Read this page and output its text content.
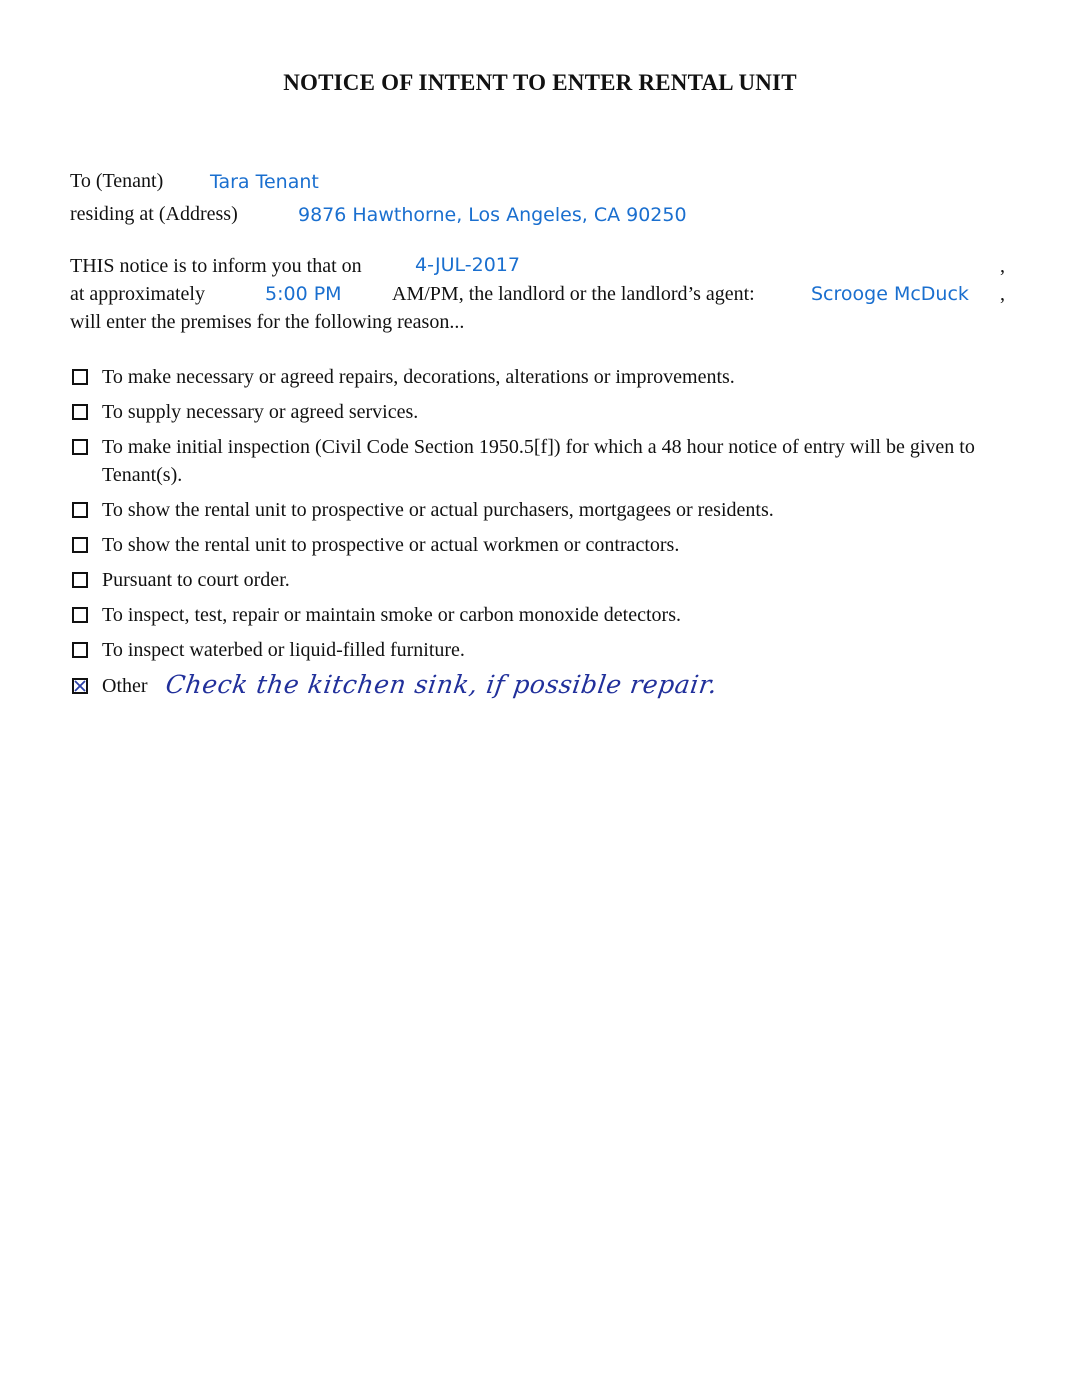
NOTICE OF INTENT TO ENTER RENTAL UNIT
To (Tenant) Tara Tenant
residing at (Address)	9876 Hawthorne, Los Angeles, CA 90250
THIS notice is to inform you that on	4-JUL-2017	,
at approximately	5:00 PM	AM/PM, the landlord or the landlord’s agent:	Scrooge McDuck ,
will enter the premises for the following reason...
To make necessary or agreed repairs, decorations, alterations or improvements.
To supply necessary or agreed services.
To make initial inspection (Civil Code Section 1950.5[f]) for which a 48 hour notice of entry will be given to Tenant(s).
To show the rental unit to prospective or actual purchasers, mortgagees or residents.
To show the rental unit to prospective or actual workmen or contractors.
Pursuant to court order.
To inspect, test, repair or maintain smoke or carbon monoxide detectors.
To inspect waterbed or liquid-filled furniture.
Other Check the kitchen sink, if possible repair.
